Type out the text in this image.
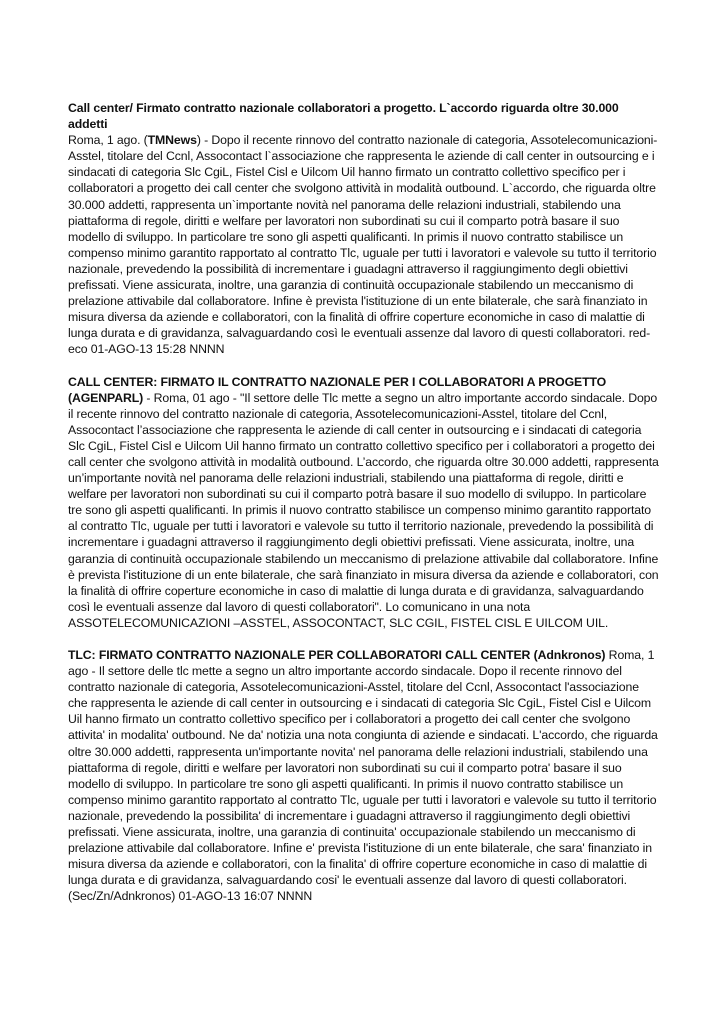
Call center/ Firmato contratto nazionale collaboratori a progetto. L`accordo riguarda oltre 30.000 addetti

Roma, 1 ago. (TMNews) - Dopo il recente rinnovo del contratto nazionale di categoria, Assotelecomunicazioni-Asstel, titolare del Ccnl, Assocontact l`associazione che rappresenta le aziende di call center in outsourcing e i sindacati di categoria Slc CgiL, Fistel Cisl e Uilcom Uil hanno firmato un contratto collettivo specifico per i collaboratori a progetto dei call center che svolgono attività in modalità outbound. L`accordo, che riguarda oltre 30.000 addetti, rappresenta un`importante novità nel panorama delle relazioni industriali, stabilendo una piattaforma di regole, diritti e welfare per lavoratori non subordinati su cui il comparto potrà basare il suo modello di sviluppo. In particolare tre sono gli aspetti qualificanti. In primis il nuovo contratto stabilisce un compenso minimo garantito rapportato al contratto Tlc, uguale per tutti i lavoratori e valevole su tutto il territorio nazionale, prevedendo la possibilità di incrementare i guadagni attraverso il raggiungimento degli obiettivi prefissati. Viene assicurata, inoltre, una garanzia di continuità occupazionale stabilendo un meccanismo di prelazione attivabile dal collaboratore. Infine è prevista l'istituzione di un ente bilaterale, che sarà finanziato in misura diversa da aziende e collaboratori, con la finalità di offrire coperture economiche in caso di malattie di lunga durata e di gravidanza, salvaguardando così le eventuali assenze dal lavoro di questi collaboratori. red-eco 01-AGO-13 15:28 NNNN

CALL CENTER: FIRMATO IL CONTRATTO NAZIONALE PER I COLLABORATORI A PROGETTO

(AGENPARL) - Roma, 01 ago - "Il settore delle Tlc mette a segno un altro importante accordo sindacale. Dopo il recente rinnovo del contratto nazionale di categoria, Assotelecomunicazioni-Asstel, titolare del Ccnl, Assocontact l’associazione che rappresenta le aziende di call center in outsourcing e i sindacati di categoria Slc CgiL, Fistel Cisl e Uilcom Uil hanno firmato un contratto collettivo specifico per i collaboratori a progetto dei call center che svolgono attività in modalità outbound. L’accordo, che riguarda oltre 30.000 addetti, rappresenta un’importante novità nel panorama delle relazioni industriali, stabilendo una piattaforma di regole, diritti e welfare per lavoratori non subordinati su cui il comparto potrà basare il suo modello di sviluppo. In particolare tre sono gli aspetti qualificanti. In primis il nuovo contratto stabilisce un compenso minimo garantito rapportato al contratto Tlc, uguale per tutti i lavoratori e valevole su tutto il territorio nazionale, prevedendo la possibilità di incrementare i guadagni attraverso il raggiungimento degli obiettivi prefissati. Viene assicurata, inoltre, una garanzia di continuità occupazionale stabilendo un meccanismo di prelazione attivabile dal collaboratore. Infine è prevista l'istituzione di un ente bilaterale, che sarà finanziato in misura diversa da aziende e collaboratori, con la finalità di offrire coperture economiche in caso di malattie di lunga durata e di gravidanza, salvaguardando così le eventuali assenze dal lavoro di questi collaboratori". Lo comunicano in una nota ASSOTELECOMUNICAZIONI –ASSTEL, ASSOCONTACT, SLC CGIL, FISTEL CISL E UILCOM UIL.

TLC: FIRMATO CONTRATTO NAZIONALE PER COLLABORATORI CALL CENTER (Adnkronos) Roma, 1 ago - Il settore delle tlc mette a segno un altro importante accordo sindacale. Dopo il recente rinnovo del contratto nazionale di categoria, Assotelecomunicazioni-Asstel, titolare del Ccnl, Assocontact l'associazione che rappresenta le aziende di call center in outsourcing e i sindacati di categoria Slc CgiL, Fistel Cisl e Uilcom Uil hanno firmato un contratto collettivo specifico per i collaboratori a progetto dei call center che svolgono attivita' in modalita' outbound. Ne da' notizia una nota congiunta di aziende e sindacati. L'accordo, che riguarda oltre 30.000 addetti, rappresenta un'importante novita' nel panorama delle relazioni industriali, stabilendo una piattaforma di regole, diritti e welfare per lavoratori non subordinati su cui il comparto potra' basare il suo modello di sviluppo. In particolare tre sono gli aspetti qualificanti. In primis il nuovo contratto stabilisce un compenso minimo garantito rapportato al contratto Tlc, uguale per tutti i lavoratori e valevole su tutto il territorio nazionale, prevedendo la possibilita' di incrementare i guadagni attraverso il raggiungimento degli obiettivi prefissati. Viene assicurata, inoltre, una garanzia di continuita' occupazionale stabilendo un meccanismo di prelazione attivabile dal collaboratore. Infine e' prevista l'istituzione di un ente bilaterale, che sara' finanziato in misura diversa da aziende e collaboratori, con la finalita' di offrire coperture economiche in caso di malattie di lunga durata e di gravidanza, salvaguardando cosi' le eventuali assenze dal lavoro di questi collaboratori. (Sec/Zn/Adnkronos) 01-AGO-13 16:07 NNNN
